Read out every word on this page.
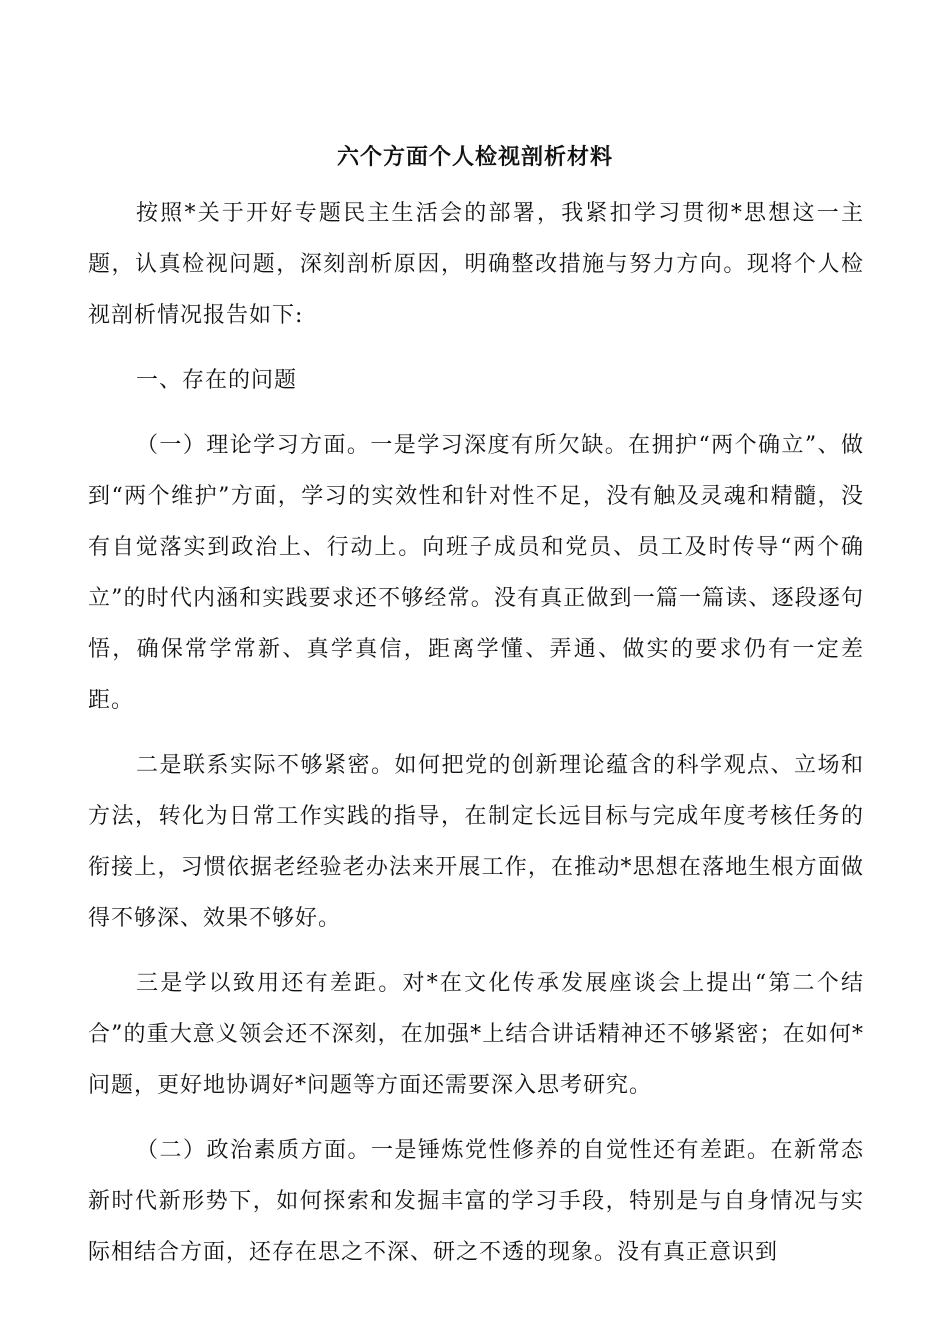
六个方面个人检视剖析材料

按照*关于开好专题民主生活会的部署，我紧扣学习贯彻*思想这一主题，认真检视问题，深刻剖析原因，明确整改措施与努力方向。现将个人检视剖析情况报告如下:

一、存在的问题

（一）理论学习方面。一是学习深度有所欠缺。在拥护“两个确立”、做到“两个维护”方面，学习的实效性和针对性不足，没有触及灵魂和精髓，没有自觉落实到政治上、行动上。向班子成员和党员、员工及时传导“两个确立”的时代内涵和实践要求还不够经常。没有真正做到一篇一篇读、逐段逐句悟，确保常学常新、真学真信，距离学懂、弄通、做实的要求仍有一定差距。

二是联系实际不够紧密。如何把党的创新理论蕴含的科学观点、立场和方法，转化为日常工作实践的指导，在制定长远目标与完成年度考核任务的衔接上，习惯依据老经验老办法来开展工作，在推动*思想在落地生根方面做得不够深、效果不够好。

三是学以致用还有差距。对*在文化传承发展座谈会上提出“第二个结合”的重大意义领会还不深刻，在加强*上结合讲话精神还不够紧密；在如何*问题，更好地协调好*问题等方面还需要深入思考研究。

（二）政治素质方面。一是锤炼党性修养的自觉性还有差距。在新常态新时代新形势下，如何探索和发掘丰富的学习手段，特别是与自身情况与实际相结合方面，还存在思之不深、研之不透的现象。没有真正意识到
